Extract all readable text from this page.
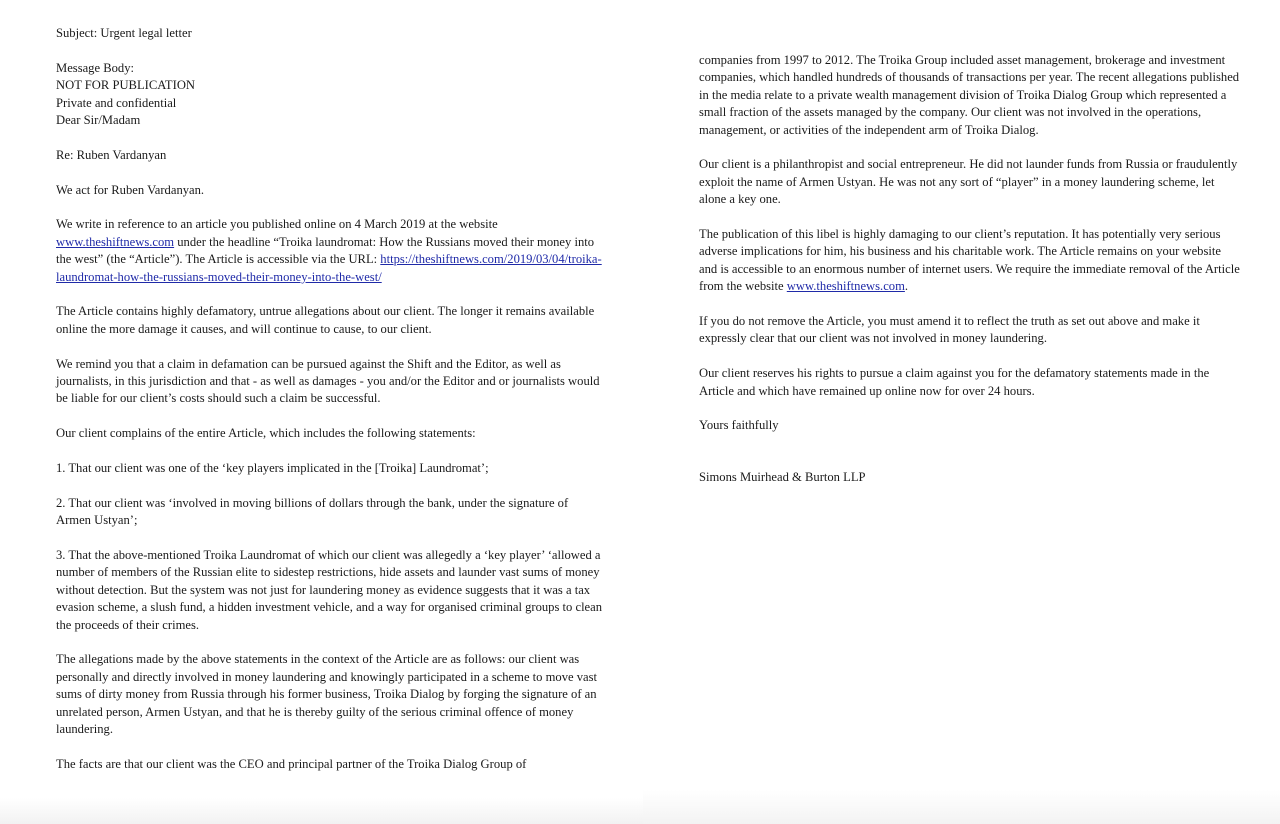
Subject: Urgent legal letter

Message Body:
NOT FOR PUBLICATION
Private and confidential
Dear Sir/Madam

Re: Ruben Vardanyan

We act for Ruben Vardanyan.

We write in reference to an article you published online on 4 March 2019 at the website www.theshiftnews.com under the headline “Troika laundromat: How the Russians moved their money into the west” (the “Article”). The Article is accessible via the URL: https://theshiftnews.com/2019/03/04/troika-laundromat-how-the-russians-moved-their-money-into-the-west/

The Article contains highly defamatory, untrue allegations about our client. The longer it remains available online the more damage it causes, and will continue to cause, to our client.

We remind you that a claim in defamation can be pursued against the Shift and the Editor, as well as journalists, in this jurisdiction and that - as well as damages - you and/or the Editor and or journalists would be liable for our client’s costs should such a claim be successful.

Our client complains of the entire Article, which includes the following statements:

1. That our client was one of the ‘key players implicated in the [Troika] Laundromat’;

2. That our client was ‘involved in moving billions of dollars through the bank, under the signature of Armen Ustyan’;

3. That the above-mentioned Troika Laundromat of which our client was allegedly a ‘key player’ ‘allowed a number of members of the Russian elite to sidestep restrictions, hide assets and launder vast sums of money without detection. But the system was not just for laundering money as evidence suggests that it was a tax evasion scheme, a slush fund, a hidden investment vehicle, and a way for organised criminal groups to clean the proceeds of their crimes.

The allegations made by the above statements in the context of the Article are as follows: our client was personally and directly involved in money laundering and knowingly participated in a scheme to move vast sums of dirty money from Russia through his former business, Troika Dialog by forging the signature of an unrelated person, Armen Ustyan, and that he is thereby guilty of the serious criminal offence of money laundering.

The facts are that our client was the CEO and principal partner of the Troika Dialog Group of

companies from 1997 to 2012. The Troika Group included asset management, brokerage and investment companies, which handled hundreds of thousands of transactions per year. The recent allegations published in the media relate to a private wealth management division of Troika Dialog Group which represented a small fraction of the assets managed by the company. Our client was not involved in the operations, management, or activities of the independent arm of Troika Dialog.

Our client is a philanthropist and social entrepreneur. He did not launder funds from Russia or fraudulently exploit the name of Armen Ustyan. He was not any sort of “player” in a money laundering scheme, let alone a key one.

The publication of this libel is highly damaging to our client’s reputation. It has potentially very serious adverse implications for him, his business and his charitable work. The Article remains on your website and is accessible to an enormous number of internet users. We require the immediate removal of the Article from the website www.theshiftnews.com.

If you do not remove the Article, you must amend it to reflect the truth as set out above and make it expressly clear that our client was not involved in money laundering.

Our client reserves his rights to pursue a claim against you for the defamatory statements made in the Article and which have remained up online now for over 24 hours.

Yours faithfully

Simons Muirhead & Burton LLP
